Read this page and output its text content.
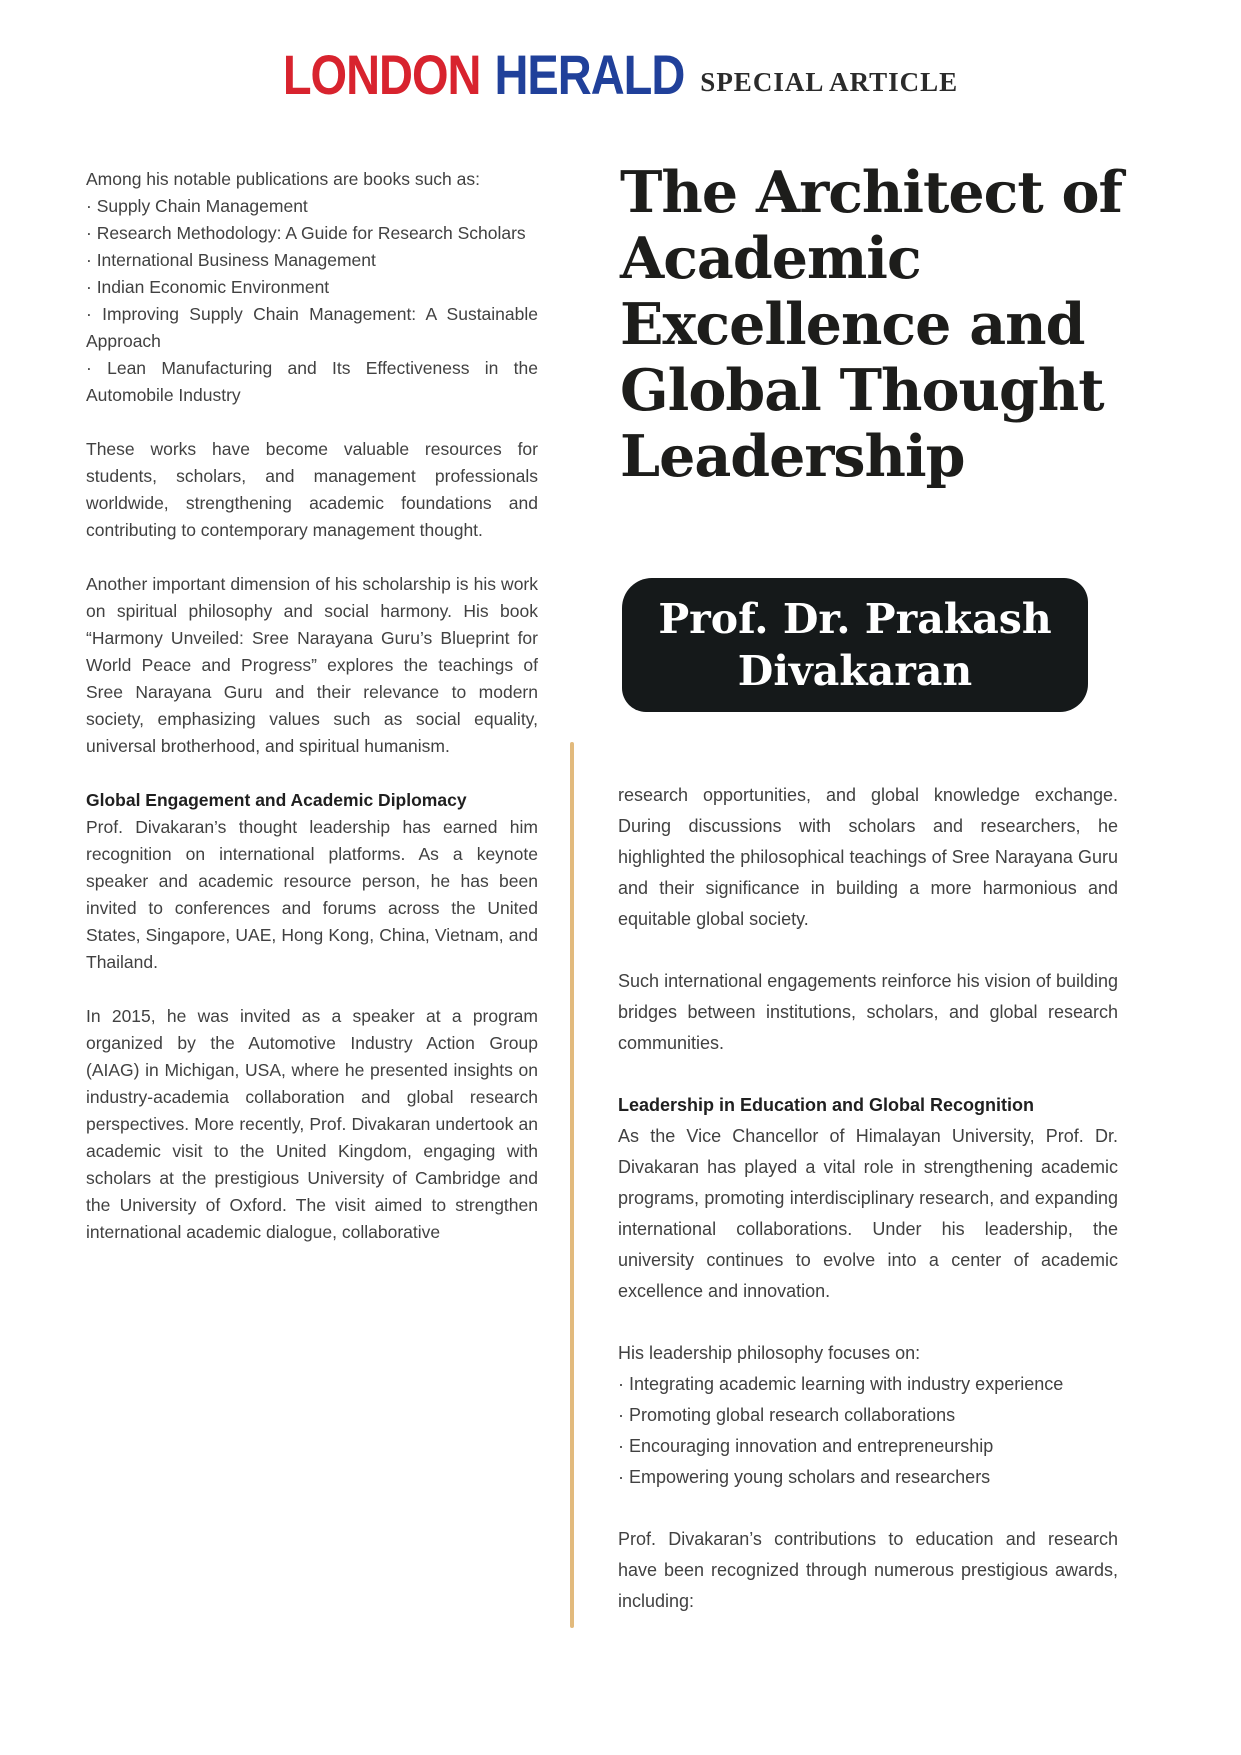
LONDON HERALD SPECIAL ARTICLE

Among his notable publications are books such as:

· Supply Chain Management

· Research Methodology: A Guide for Research Scholars

· International Business Management

· Indian Economic Environment

· Improving Supply Chain Management: A Sustainable Approach

· Lean Manufacturing and Its Effectiveness in the Automobile Industry

These works have become valuable resources for students, scholars, and management professionals worldwide, strengthening academic foundations and contributing to contemporary management thought.

Another important dimension of his scholarship is his work on spiritual philosophy and social harmony. His book “Harmony Unveiled: Sree Narayana Guru’s Blueprint for World Peace and Progress” explores the teachings of Sree Narayana Guru and their relevance to modern society, emphasizing values such as social equality, universal brotherhood, and spiritual humanism.

Global Engagement and Academic Diplomacy

Prof. Divakaran’s thought leadership has earned him recognition on international platforms. As a keynote speaker and academic resource person, he has been invited to conferences and forums across the United States, Singapore, UAE, Hong Kong, China, Vietnam, and Thailand.

In 2015, he was invited as a speaker at a program organized by the Automotive Industry Action Group (AIAG) in Michigan, USA, where he presented insights on industry-academia collaboration and global research perspectives. More recently, Prof. Divakaran undertook an academic visit to the United Kingdom, engaging with scholars at the prestigious University of Cambridge and the University of Oxford. The visit aimed to strengthen international academic dialogue, collaborative

The Architect of
Academic
Excellence and
Global Thought
Leadership
Prof. Dr. Prakash Divakaran

research opportunities, and global knowledge exchange. During discussions with scholars and researchers, he highlighted the philosophical teachings of Sree Narayana Guru and their significance in building a more harmonious and equitable global society.

Such international engagements reinforce his vision of building bridges between institutions, scholars, and global research communities.

Leadership in Education and Global Recognition

As the Vice Chancellor of Himalayan University, Prof. Dr. Divakaran has played a vital role in strengthening academic programs, promoting interdisciplinary research, and expanding international collaborations. Under his leadership, the university continues to evolve into a center of academic excellence and innovation.

His leadership philosophy focuses on:

· Integrating academic learning with industry experience

· Promoting global research collaborations

· Encouraging innovation and entrepreneurship

· Empowering young scholars and researchers

Prof. Divakaran’s contributions to education and research have been recognized through numerous prestigious awards, including:
